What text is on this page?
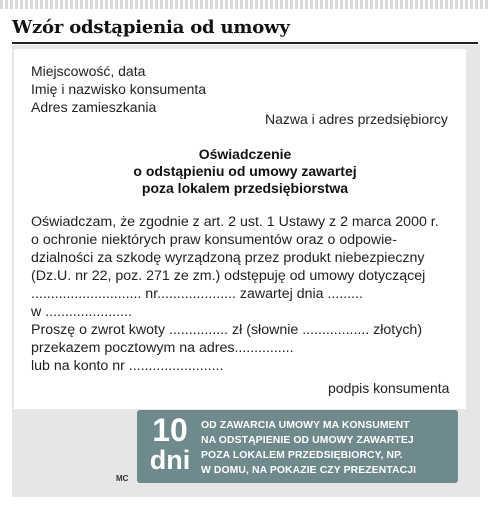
Wzór odstąpienia od umowy

Miejscowość, data

Imię i nazwisko konsumenta

Adres zamieszkania

Nazwa i adres przedsiębiorcy

Oświadczenie

o odstąpieniu od umowy zawartej

poza lokalem przedsiębiorstwa

Oświadczam, że zgodnie z art. 2 ust. 1 Ustawy z 2 marca 2000 r.

o ochronie niektórych praw konsumentów oraz o odpowie-

dzialności za szkodę wyrządzoną przez produkt niebezpieczny

(Dz.U. nr 22, poz. 271 ze zm.) odstępuję od umowy dotyczącej

............................ nr.................... zawartej dnia .........

w ......................

Proszę o zwrot kwoty ............... zł (słownie ................. złotych)

przekazem pocztowym na adres...............

lub na konto nr ........................

podpis konsumenta

10

dni

OD ZAWARCIA UMOWY MA KONSUMENT

NA ODSTĄPIENIE OD UMOWY ZAWARTEJ

POZA LOKALEM PRZEDSIĘBIORCY, NP.

W DOMU, NA POKAZIE CZY PREZENTACJI

MC
